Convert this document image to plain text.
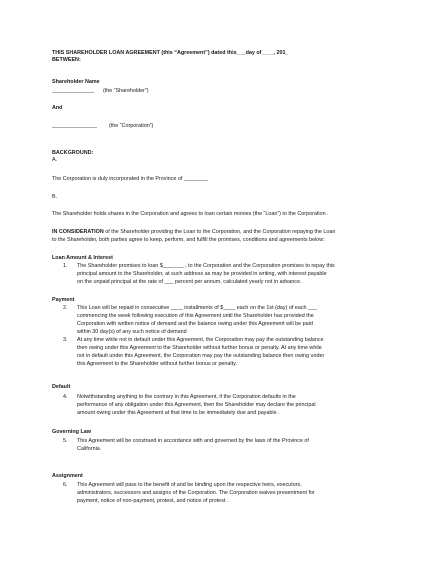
THIS SHAREHOLDER LOAN AGREEMENT (this “Agreement”) dated this___day of____, 201_
BETWEEN:
Shareholder Name
______________ (the “Shareholder”)
And
_______________ (the “Corporation”)
BACKGROUND:
A.
The Corporation is duly incorporated in the Province of ________
B.
The Shareholder holds shares in the Corporation and agrees to loan certain monies (the “Loan”) to the Corporation .
IN CONSIDERATION of the Shareholder providing the Loan to the Corporation, and the Corporation repaying the Loan
to the Shareholder, both parties agree to keep, perform, and fulfill the promises, conditions and agreements below:
Loan Amount & Interest
1. The Shareholder promises to loan $_______ , to the Corporation and the Corporation promises to repay this
principal amount to the Shareholder, at such address as may be provided in writing, with interest payable
on the unpaid principal at the rate of ___ percent per annum, calculated yearly not in advance.
Payment
2. This Loan will be repaid in consecutive ____ installments of $____ each on the 1st (day) of each ___
commencing the week following execution of this Agreement until the Shareholder has provided the
Corporation with written notice of demand and the balance owing under this Agreement will be paid
within 30 day(s) of any such notice of demand
3. At any time while not in default under this Agreement, the Corporation may pay the outstanding balance
then owing under this Agreement to the Shareholder without further bonus or penalty. At any time while
not in default under this Agreement, the Corporation may pay the outstanding balance then owing under
this Agreement to the Shareholder without further bonus or penalty.
Default
4. Notwithstanding anything to the contrary in this Agreement, if the Corporation defaults in the
performance of any obligation under this Agreement, then the Shareholder may declare the principal
amount owing under this Agreement at that time to be immediately due and payable .
Governing Law
5. This Agreement will be construed in accordance with and governed by the laws of the Province of
California.
Assignment
6. This Agreement will pass to the benefit of and be binding upon the respective heirs, executors,
administrators, successors and assigns of the Corporation. The Corporation waives presentment for
payment, notice of non-payment, protest, and notice of protest .
